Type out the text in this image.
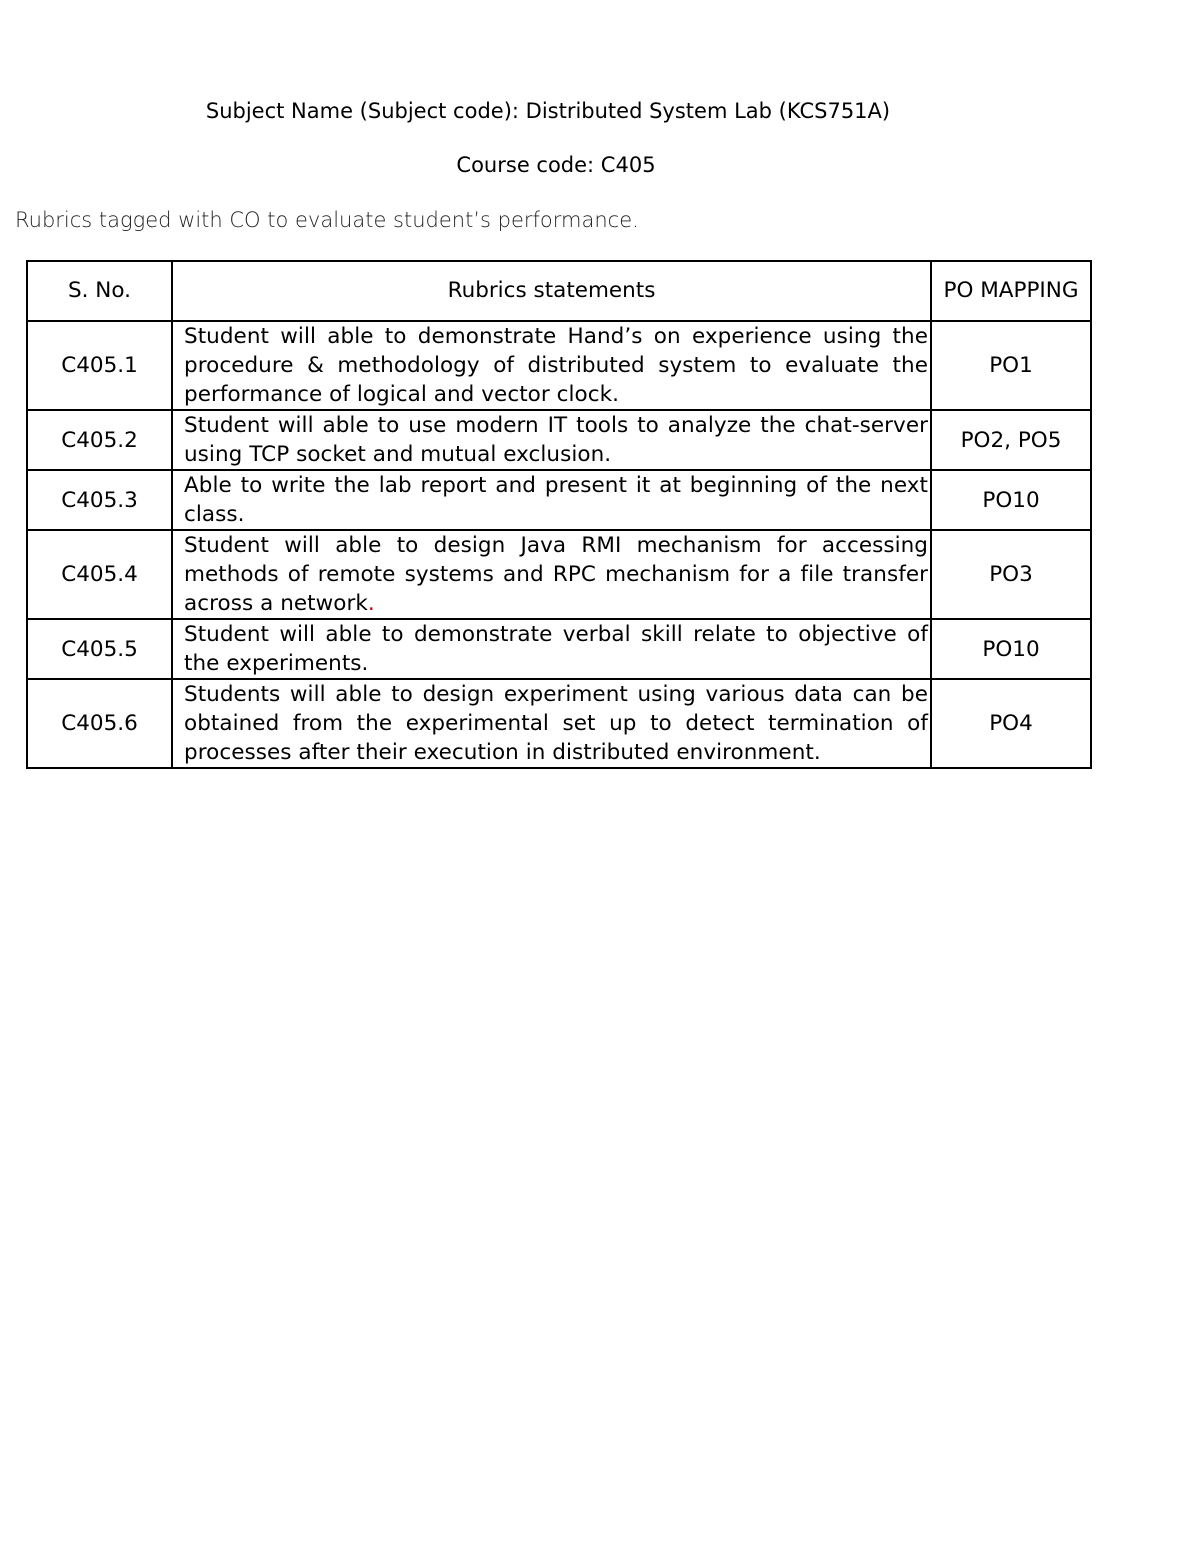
Subject Name (Subject code): Distributed System Lab (KCS751A)
Course code: C405
Rubrics tagged with CO to evaluate student’s performance.
S. No.	Rubrics statements	PO MAPPING
C405.1	Student will able to demonstrate Hand’s on experience using the procedure & methodology of distributed system to evaluate the performance of logical and vector clock.	PO1
C405.2	Student will able to use modern IT tools to analyze the chat-server using TCP socket and mutual exclusion.	PO2, PO5
C405.3	Able to write the lab report and present it at beginning of the next class.	PO10
C405.4	Student will able to design Java RMI mechanism for accessing methods of remote systems and RPC mechanism for a file transfer across a network.	PO3
C405.5	Student will able to demonstrate verbal skill relate to objective of the experiments.	PO10
C405.6	Students will able to design experiment using various data can be obtained from the experimental set up to detect termination of processes after their execution in distributed environment.	PO4
